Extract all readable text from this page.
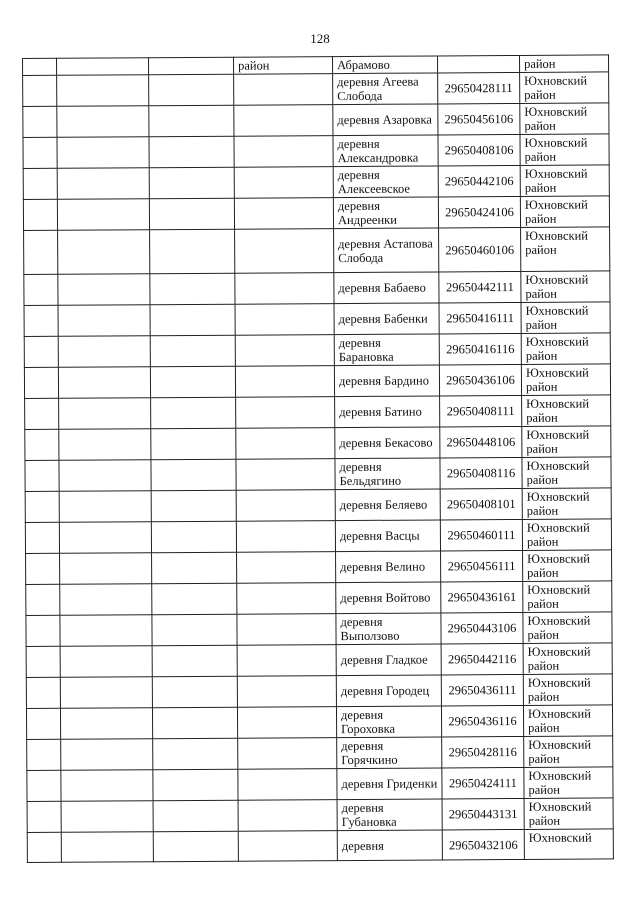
128
			район	Абрамово		район
				деревня Агеева Слобода	29650428111	Юхновский район
				деревня Азаровка	29650456106	Юхновский район
				деревня Александровка	29650408106	Юхновский район
				деревня Алексеевское	29650442106	Юхновский район
				деревня Андреенки	29650424106	Юхновский район
				деревня Астапова Слобода	29650460106	Юхновский район
				деревня Бабаево	29650442111	Юхновский район
				деревня Бабенки	29650416111	Юхновский район
				деревня Барановка	29650416116	Юхновский район
				деревня Бардино	29650436106	Юхновский район
				деревня Батино	29650408111	Юхновский район
				деревня Бекасово	29650448106	Юхновский район
				деревня Бельдягино	29650408116	Юхновский район
				деревня Беляево	29650408101	Юхновский район
				деревня Васцы	29650460111	Юхновский район
				деревня Велино	29650456111	Юхновский район
				деревня Войтово	29650436161	Юхновский район
				деревня Выползово	29650443106	Юхновский район
				деревня Гладкое	29650442116	Юхновский район
				деревня Городец	29650436111	Юхновский район
				деревня Гороховка	29650436116	Юхновский район
				деревня Горячкино	29650428116	Юхновский район
				деревня Гриденки	29650424111	Юхновский район
				деревня Губановка	29650443131	Юхновский район
				деревня	29650432106	Юхновский
